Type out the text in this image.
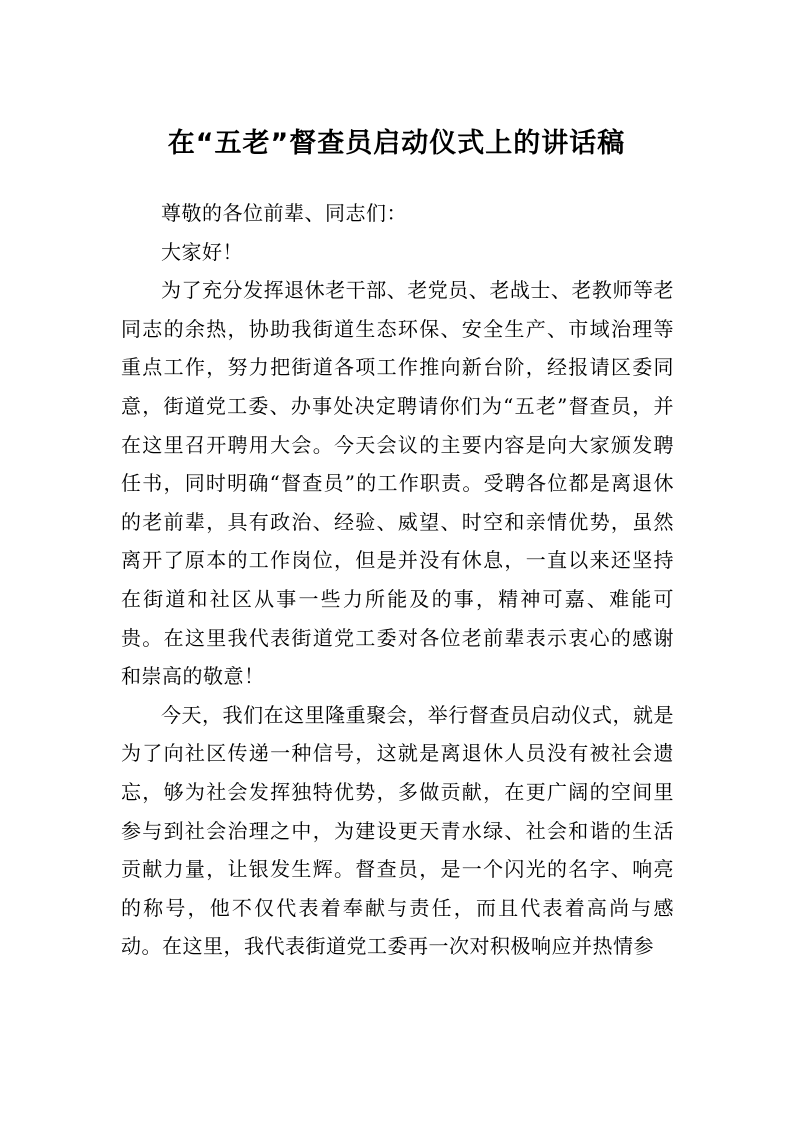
在“五老”督查员启动仪式上的讲话稿

尊敬的各位前辈、同志们：

大家好！

为了充分发挥退休老干部、老党员、老战士、老教师等老同志的余热，协助我街道生态环保、安全生产、市域治理等重点工作，努力把街道各项工作推向新台阶，经报请区委同意，街道党工委、办事处决定聘请你们为“五老”督查员，并在这里召开聘用大会。今天会议的主要内容是向大家颁发聘任书，同时明确“督查员”的工作职责。受聘各位都是离退休的老前辈，具有政治、经验、威望、时空和亲情优势，虽然离开了原本的工作岗位，但是并没有休息，一直以来还坚持在街道和社区从事一些力所能及的事，精神可嘉、难能可贵。在这里我代表街道党工委对各位老前辈表示衷心的感谢和崇高的敬意！

今天，我们在这里隆重聚会，举行督查员启动仪式，就是为了向社区传递一种信号，这就是离退休人员没有被社会遗忘，够为社会发挥独特优势，多做贡献，在更广阔的空间里参与到社会治理之中，为建设更天青水绿、社会和谐的生活贡献力量，让银发生辉。督查员，是一个闪光的名字、响亮的称号，他不仅代表着奉献与责任，而且代表着高尚与感动。在这里，我代表街道党工委再一次对积极响应并热情参
